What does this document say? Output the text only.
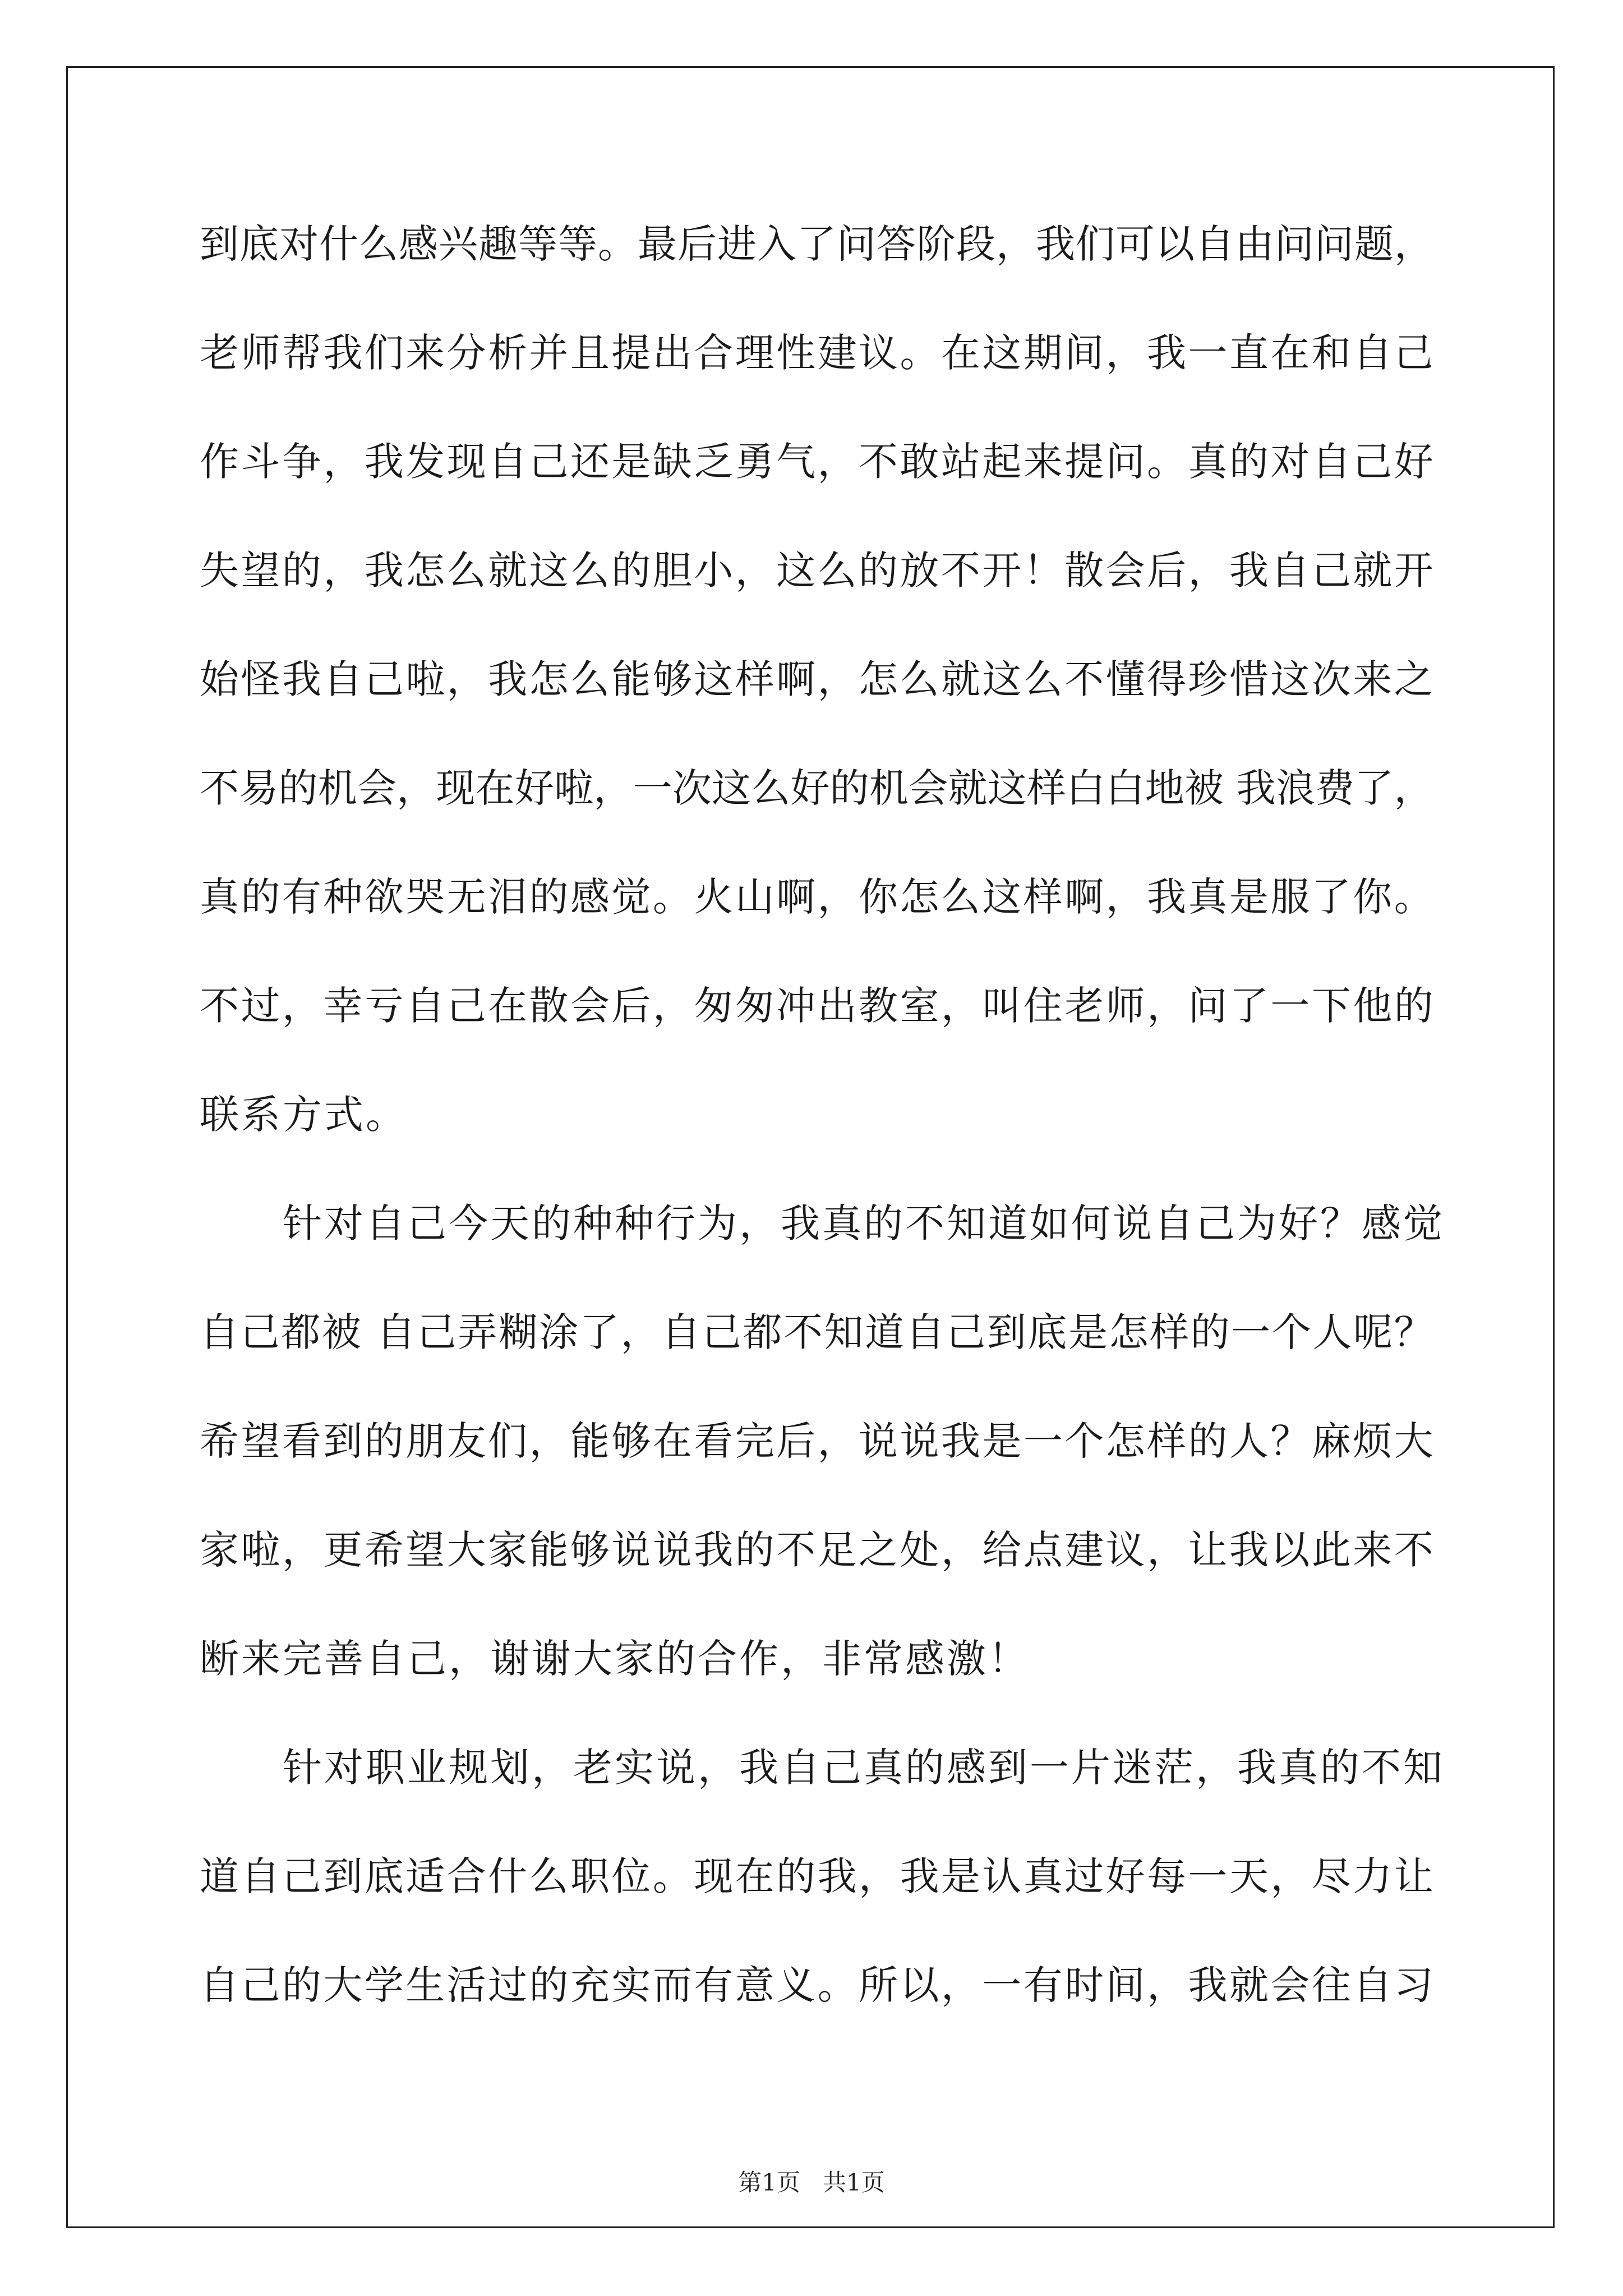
到 底 对 什 么 感 兴 趣 等 等 。 最 后 进 入 了 问 答 阶 段 ， 我 们 可 以 自 由 问 问 题 ，
老 师 帮 我 们 来 分 析 并 且 提 出 合 理 性 建 议 。 在 这 期 间 ， 我 一 直 在 和 自 己
作 斗 争 ， 我 发 现 自 己 还 是 缺 乏 勇 气 ， 不 敢 站 起 来 提 问 。 真 的 对 自 己 好
失 望 的 ， 我 怎 么 就 这 么 的 胆 小 ， 这 么 的 放 不 开 ！ 散 会 后 ， 我 自 己 就 开
始 怪 我 自 己 啦 ， 我 怎 么 能 够 这 样 啊 ， 怎 么 就 这 么 不 懂 得 珍 惜 这 次 来 之
不 易 的 机 会 ， 现 在 好 啦 ， 一 次 这 么 好 的 机 会 就 这 样 白 白 地 被
我 浪 费 了 ，
真 的 有 种 欲 哭 无 泪 的 感 觉 。 火 山 啊 ， 你 怎 么 这 样 啊 ， 我 真 是 服 了 你 。
不 过 ， 幸 亏 自 己 在 散 会 后 ， 匆 匆 冲 出 教 室 ， 叫 住 老 师 ， 问 了 一 下 他 的
联系方式。
　　针对自己今天的种种行为，我真的不知道如何说自己为好？感觉
自 己 都 被
自 己 弄 糊 涂 了 ， 自 己 都 不 知 道 自 己 到 底 是 怎 样 的 一 个 人 呢 ？
希 望 看 到 的 朋 友 们 ， 能 够 在 看 完 后 ， 说 说 我 是 一 个 怎 样 的 人 ？ 麻 烦 大
家 啦 ， 更 希 望 大 家 能 够 说 说 我 的 不 足 之 处 ， 给 点 建 议 ， 让 我 以 此 来 不
断来完善自己，谢谢大家的合作，非常感激！
　　针对职业规划，老实说，我自己真的感到一片迷茫，我真的不知
道 自 己 到 底 适 合 什 么 职 位 。 现 在 的 我 ， 我 是 认 真 过 好 每 一 天 ， 尽 力 让
自 己 的 大 学 生 活 过 的 充 实 而 有 意 义 。 所 以 ， 一 有 时 间 ， 我 就 会 往 自 习
第1页   共1页
